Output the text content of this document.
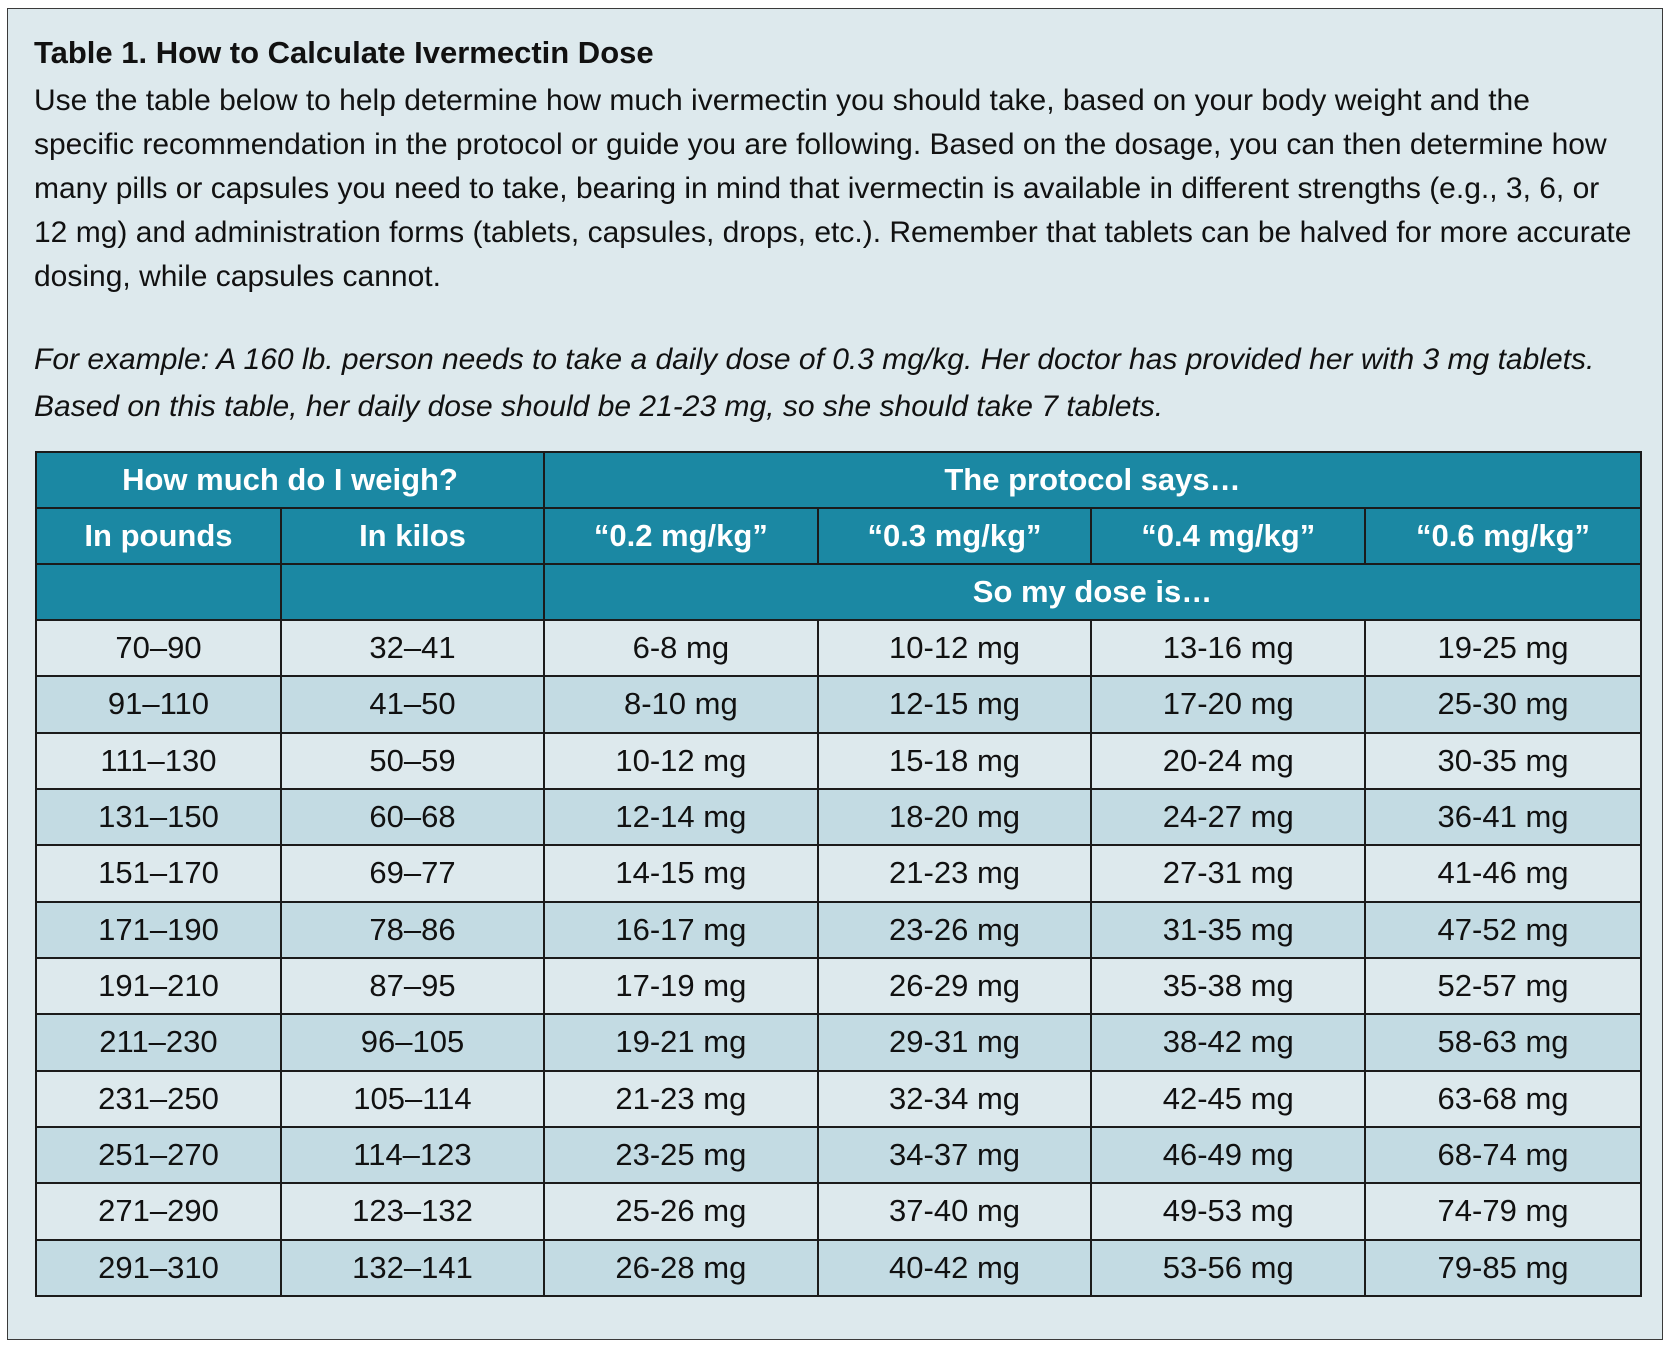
Table 1. How to Calculate Ivermectin Dose

Use the table below to help determine how much ivermectin you should take, based on your body weight and the specific recommendation in the protocol or guide you are following. Based on the dosage, you can then determine how many pills or capsules you need to take, bearing in mind that ivermectin is available in different strengths (e.g., 3, 6, or 12 mg) and administration forms (tablets, capsules, drops, etc.). Remember that tablets can be halved for more accurate dosing, while capsules cannot.

For example: A 160 lb. person needs to take a daily dose of 0.3 mg/kg. Her doctor has provided her with 3 mg tablets. Based on this table, her daily dose should be 21-23 mg, so she should take 7 tablets.

How much do I weigh?		The protocol says…			
In pounds	In kilos	“0.2 mg/kg”	“0.3 mg/kg”	“0.4 mg/kg”	“0.6 mg/kg”
		So my dose is…			
70–90	32–41	6-8 mg	10-12 mg	13-16 mg	19-25 mg
91–110	41–50	8-10 mg	12-15 mg	17-20 mg	25-30 mg
111–130	50–59	10-12 mg	15-18 mg	20-24 mg	30-35 mg
131–150	60–68	12-14 mg	18-20 mg	24-27 mg	36-41 mg
151–170	69–77	14-15 mg	21-23 mg	27-31 mg	41-46 mg
171–190	78–86	16-17 mg	23-26 mg	31-35 mg	47-52 mg
191–210	87–95	17-19 mg	26-29 mg	35-38 mg	52-57 mg
211–230	96–105	19-21 mg	29-31 mg	38-42 mg	58-63 mg
231–250	105–114	21-23 mg	32-34 mg	42-45 mg	63-68 mg
251–270	114–123	23-25 mg	34-37 mg	46-49 mg	68-74 mg
271–290	123–132	25-26 mg	37-40 mg	49-53 mg	74-79 mg
291–310	132–141	26-28 mg	40-42 mg	53-56 mg	79-85 mg
